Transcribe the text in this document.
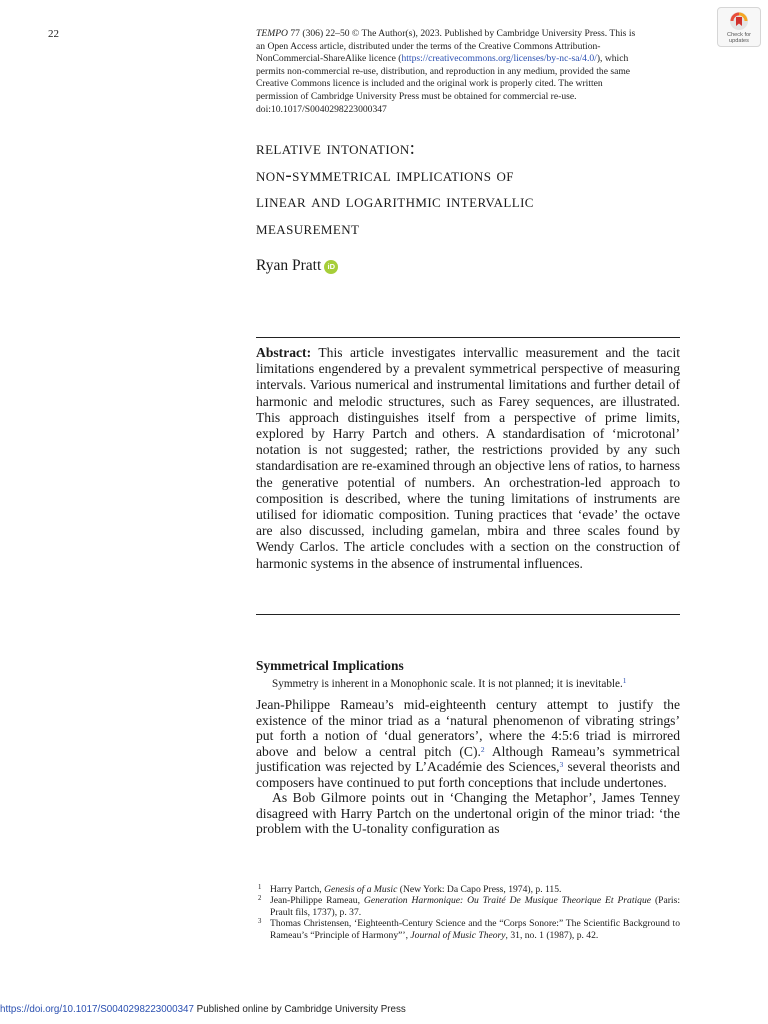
22	TEMPO 77 (306) 22–50 © The Author(s), 2023. Published by Cambridge University Press. This is
an Open Access article, distributed under the terms of the Creative Commons Attribution-
NonCommercial-ShareAlike licence (https://creativecommons.org/licenses/by-nc-sa/4.0/), which
permits non-commercial re-use, distribution, and reproduction in any medium, provided the same
Creative Commons licence is included and the original work is properly cited. The written
permission of Cambridge University Press must be obtained for commercial re-use.
doi:10.1017/S0040298223000347
Check for
updates
relative intonation:
non-symmetrical implications of
linear and logarithmic intervallic
measurement
Ryan Pratt iD

Abstract: This article investigates intervallic measurement and the tacit limitations engendered by a prevalent symmetrical perspective of measuring intervals. Various numerical and instrumental limitations and further detail of harmonic and melodic structures, such as Farey sequences, are illustrated. This approach distinguishes itself from a perspective of prime limits, explored by Harry Partch and others. A standardisation of ‘microtonal’ notation is not suggested; rather, the restrictions provided by any such standardisation are re-examined through an objective lens of ratios, to harness the generative potential of numbers. An orchestration-led approach to composition is described, where the tuning limitations of instruments are utilised for idiomatic composition. Tuning practices that ‘evade’ the octave are also discussed, including gamelan, mbira and three scales found by Wendy Carlos. The article concludes with a section on the construction of harmonic systems in the absence of instrumental influences.

Symmetrical Implications

Symmetry is inherent in a Monophonic scale. It is not planned; it is inevitable.$^1$

Jean-Philippe Rameau’s mid-eighteenth century attempt to justify the existence of the minor triad as a ‘natural phenomenon of vibrating strings’ put forth a notion of ‘dual generators’, where the 4:5:6 triad is mirrored above and below a central pitch (C).$^2$ Although Rameau’s symmetrical justification was rejected by L’Académie des Sciences,$^3$ several theorists and composers have continued to put forth conceptions that include undertones.

As Bob Gilmore points out in ‘Changing the Metaphor’, James Tenney disagreed with Harry Partch on the undertonal origin of the minor triad: ‘the problem with the U-tonality configuration as

1 Harry Partch, Genesis of a Music (New York: Da Capo Press, 1974), p. 115.
2 Jean-Philippe Rameau, Generation Harmonique: Ou Traité De Musique Theorique Et Pratique (Paris: Prault fils, 1737), p. 37.
3 Thomas Christensen, ‘Eighteenth-Century Science and the “Corps Sonore:” The Scientific Background to Rameau’s “Principle of Harmony”’, Journal of Music Theory, 31, no. 1 (1987), p. 42.
https://doi.org/10.1017/S0040298223000347 Published online by Cambridge University Press
